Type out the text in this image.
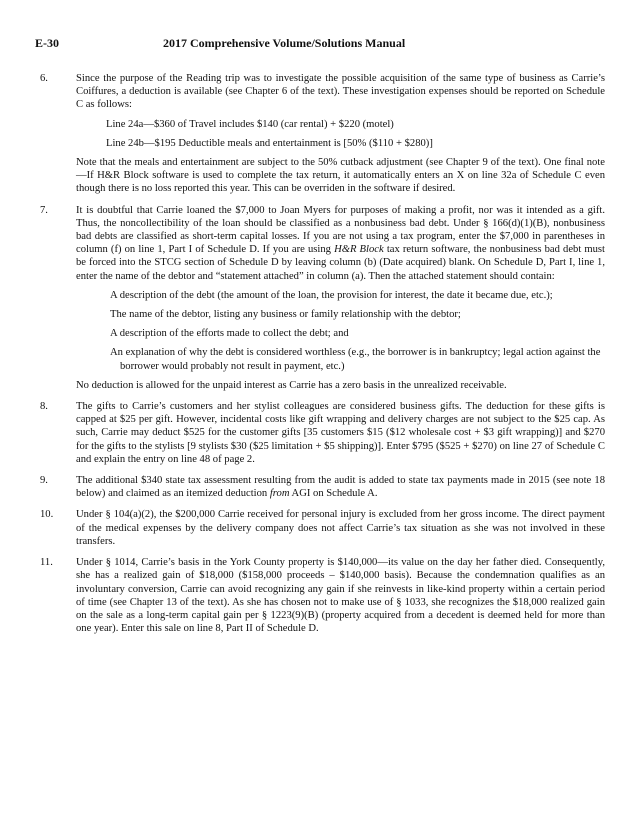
E-30	2017 Comprehensive Volume/Solutions Manual
6.	Since the purpose of the Reading trip was to investigate the possible acquisition of the same type of business as Carrie’s Coiffures, a deduction is available (see Chapter 6 of the text). These investigation expenses should be reported on Schedule C as follows:

Line 24a—$360 of Travel includes $140 (car rental) + $220 (motel)

Line 24b—$195 Deductible meals and entertainment is [50% ($110 + $280)]

Note that the meals and entertainment are subject to the 50% cutback adjustment (see Chapter 9 of the text). One final note—If H&R Block software is used to complete the tax return, it automatically enters an X on line 32a of Schedule C even though there is no loss reported this year. This can be overriden in the software if desired.

7.	It is doubtful that Carrie loaned the $7,000 to Joan Myers for purposes of making a profit, nor was it intended as a gift. Thus, the noncollectibility of the loan should be classified as a nonbusiness bad debt. Under § 166(d)(1)(B), nonbusiness bad debts are classified as short-term capital losses. If you are not using a tax program, enter the $7,000 in parentheses in column (f) on line 1, Part I of Schedule D. If you are using H&R Block tax return software, the nonbusiness bad debt must be forced into the STCG section of Schedule D by leaving column (b) (Date acquired) blank. On Schedule D, Part I, line 1, enter the name of the debtor and “statement attached” in column (a). Then the attached statement should contain:

A description of the debt (the amount of the loan, the provision for interest, the date it became due, etc.);

The name of the debtor, listing any business or family relationship with the debtor;

A description of the efforts made to collect the debt; and

An explanation of why the debt is considered worthless (e.g., the borrower is in bankruptcy; legal action against the borrower would probably not result in payment, etc.)

No deduction is allowed for the unpaid interest as Carrie has a zero basis in the unrealized receivable.

8.	The gifts to Carrie’s customers and her stylist colleagues are considered business gifts. The deduction for these gifts is capped at $25 per gift. However, incidental costs like gift wrapping and delivery charges are not subject to the $25 cap. As such, Carrie may deduct $525 for the customer gifts [35 customers $15 ($12 wholesale cost + $3 gift wrapping)] and $270 for the gifts to the stylists [9 stylists $30 ($25 limitation + $5 shipping)]. Enter $795 ($525 + $270) on line 27 of Schedule C and explain the entry on line 48 of page 2.

9.	The additional $340 state tax assessment resulting from the audit is added to state tax payments made in 2015 (see note 18 below) and claimed as an itemized deduction from AGI on Schedule A.

10.	Under § 104(a)(2), the $200,000 Carrie received for personal injury is excluded from her gross income. The direct payment of the medical expenses by the delivery company does not affect Carrie’s tax situation as she was not involved in these transfers.

11.	Under § 1014, Carrie’s basis in the York County property is $140,000—its value on the day her father died. Consequently, she has a realized gain of $18,000 ($158,000 proceeds – $140,000 basis). Because the condemnation qualifies as an involuntary conversion, Carrie can avoid recognizing any gain if she reinvests in like-kind property within a certain period of time (see Chapter 13 of the text). As she has chosen not to make use of § 1033, she recognizes the $18,000 realized gain on the sale as a long-term capital gain per § 1223(9)(B) (property acquired from a decedent is deemed held for more than one year). Enter this sale on line 8, Part II of Schedule D.
